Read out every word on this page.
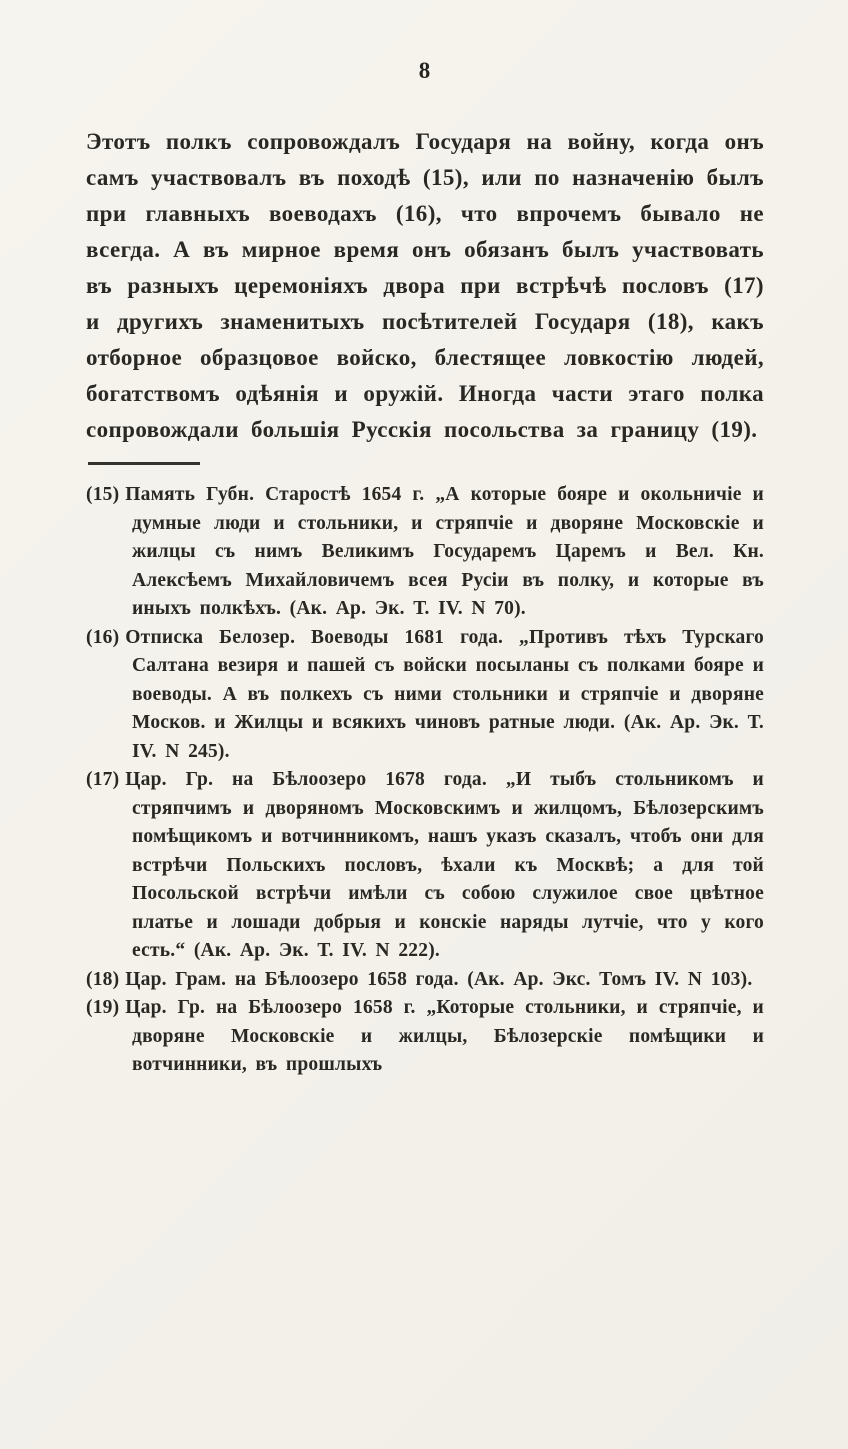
8

Этотъ полкъ сопровождалъ Государя на войну, когда онъ самъ участвовалъ въ походѣ (15), или по назначенію былъ при главныхъ воеводахъ (16), что впрочемъ бывало не всегда. А въ мирное время онъ обязанъ былъ участвовать въ разныхъ церемоніяхъ двора при встрѣчѣ пословъ (17) и другихъ знаменитыхъ посѣтителей Государя (18), какъ отборное образцовое войско, блестящее ловкостію людей, богатствомъ одѣянія и оружій. Иногда части этаго полка сопровождали большія Русскія посольства за границу (19).

(15) Память Губн. Старостѣ 1654 г. „А которые бояре и окольничіе и думные люди и стольники, и стряпчіе и дворяне Московскіе и жилцы съ нимъ Великимъ Государемъ Царемъ и Вел. Кн. Алексѣемъ Михайловичемъ всея Русіи въ полку, и которые въ иныхъ полкѣхъ. (Ак. Ар. Эк. Т. IV. N 70).

(16) Отписка Белозер. Воеводы 1681 года. „Противъ тѣхъ Турскаго Салтана везиря и пашей съ войски посыланы съ полками бояре и воеводы. А въ полкехъ съ ними стольники и стряпчіе и дворяне Москов. и Жилцы и всякихъ чиновъ ратные люди. (Ак. Ар. Эк. Т. IV. N 245).

(17) Цар. Гр. на Бѣлоозеро 1678 года. „И тыбъ стольникомъ и стряпчимъ и дворяномъ Московскимъ и жилцомъ, Бѣлозерскимъ помѣщикомъ и вотчинникомъ, нашъ указъ сказалъ, чтобъ они для встрѣчи Польскихъ пословъ, ѣхали къ Москвѣ; а для той Посольской встрѣчи имѣли съ собою служилое свое цвѣтное платье и лошади добрыя и конскіе наряды лутчіе, что у кого есть.“ (Ак. Ар. Эк. Т. IV. N 222).

(18) Цар. Грам. на Бѣлоозеро 1658 года. (Ак. Ар. Экс. Томъ IV. N 103).

(19) Цар. Гр. на Бѣлоозеро 1658 г. „Которые стольники, и стряпчіе, и дворяне Московскіе и жилцы, Бѣлозерскіе помѣщики и вотчинники, въ прошлыхъ
